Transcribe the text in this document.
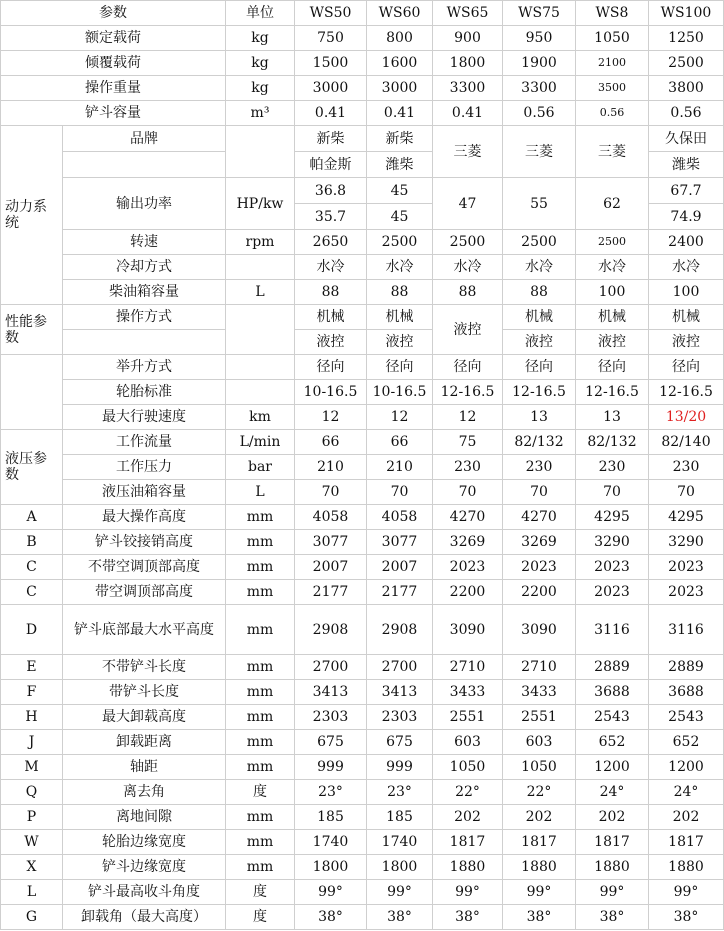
参数		单位	WS50	WS60	WS65	WS75	WS8	WS100
额定载荷		kg	750	800	900	950	1050	1250
倾覆载荷		kg	1500	1600	1800	1900	2100	2500
操作重量		kg	3000	3000	3300	3300	3500	3800
铲斗容量		m³	0.41	0.41	0.41	0.56	0.56	0.56
动力系统	品牌		新柴	新柴	三菱	三菱	三菱	久保田
			帕金斯	潍柴				潍柴
	输出功率	HP/kw	36.8	45	47	55	62	67.7
			35.7	45				74.9
	转速	rpm	2650	2500	2500	2500	2500	2400
	冷却方式		水冷	水冷	水冷	水冷	水冷	水冷
	柴油箱容量	L	88	88	88	88	100	100
性能参数	操作方式		机械	机械	液控	机械	机械	机械
			液控	液控		液控	液控	液控
	举升方式		径向	径向	径向	径向	径向	径向
	轮胎标准		10-16.5	10-16.5	12-16.5	12-16.5	12-16.5	12-16.5
	最大行驶速度	km	12	12	12	13	13	13/20
液压参数	工作流量	L/min	66	66	75	82/132	82/132	82/140
	工作压力	bar	210	210	230	230	230	230
	液压油箱容量	L	70	70	70	70	70	70
A	最大操作高度	mm	4058	4058	4270	4270	4295	4295
B	铲斗铰接销高度	mm	3077	3077	3269	3269	3290	3290
C	不带空调顶部高度	mm	2007	2007	2023	2023	2023	2023
C	带空调顶部高度	mm	2177	2177	2200	2200	2023	2023
D	铲斗底部最大水平高度	mm	2908	2908	3090	3090	3116	3116
E	不带铲斗长度	mm	2700	2700	2710	2710	2889	2889
F	带铲斗长度	mm	3413	3413	3433	3433	3688	3688
H	最大卸载高度	mm	2303	2303	2551	2551	2543	2543
J	卸载距离	mm	675	675	603	603	652	652
M	轴距	mm	999	999	1050	1050	1200	1200
Q	离去角	度	23°	23°	22°	22°	24°	24°
P	离地间隙	mm	185	185	202	202	202	202
W	轮胎边缘宽度	mm	1740	1740	1817	1817	1817	1817
X	铲斗边缘宽度	mm	1800	1800	1880	1880	1880	1880
L	铲斗最高收斗角度	度	99°	99°	99°	99°	99°	99°
G	卸载角（最大高度）	度	38°	38°	38°	38°	38°	38°
